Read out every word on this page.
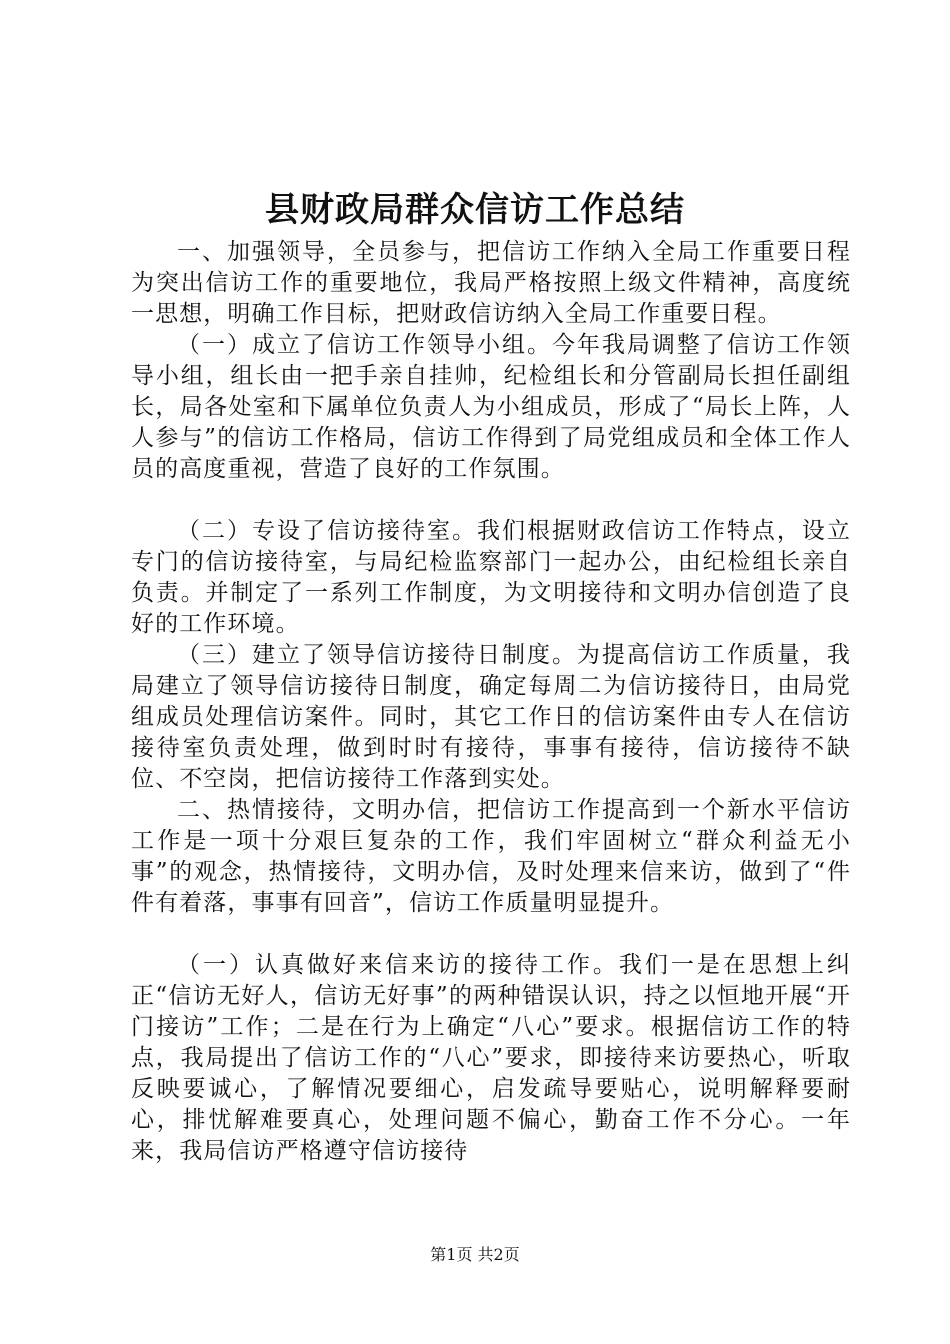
县财政局群众信访工作总结

一、加强领导，全员参与，把信访工作纳入全局工作重要日程为突出信访工作的重要地位，我局严格按照上级文件精神，高度统一思想，明确工作目标，把财政信访纳入全局工作重要日程。

（一）成立了信访工作领导小组。今年我局调整了信访工作领导小组，组长由一把手亲自挂帅，纪检组长和分管副局长担任副组长，局各处室和下属单位负责人为小组成员，形成了“局长上阵，人人参与”的信访工作格局，信访工作得到了局党组成员和全体工作人员的高度重视，营造了良好的工作氛围。

（二）专设了信访接待室。我们根据财政信访工作特点，设立专门的信访接待室，与局纪检监察部门一起办公，由纪检组长亲自负责。并制定了一系列工作制度，为文明接待和文明办信创造了良好的工作环境。

（三）建立了领导信访接待日制度。为提高信访工作质量，我局建立了领导信访接待日制度，确定每周二为信访接待日，由局党组成员处理信访案件。同时，其它工作日的信访案件由专人在信访接待室负责处理，做到时时有接待，事事有接待，信访接待不缺位、不空岗，把信访接待工作落到实处。

二、热情接待，文明办信，把信访工作提高到一个新水平信访工作是一项十分艰巨复杂的工作，我们牢固树立“群众利益无小事”的观念，热情接待，文明办信，及时处理来信来访，做到了“件件有着落，事事有回音”，信访工作质量明显提升。

（一）认真做好来信来访的接待工作。我们一是在思想上纠正“信访无好人，信访无好事”的两种错误认识，持之以恒地开展“开门接访”工作；二是在行为上确定“八心”要求。根据信访工作的特点，我局提出了信访工作的“八心”要求，即接待来访要热心，听取反映要诚心，了解情况要细心，启发疏导要贴心，说明解释要耐心，排忧解难要真心，处理问题不偏心，勤奋工作不分心。一年来，我局信访严格遵守信访接待

第1页 共2页
